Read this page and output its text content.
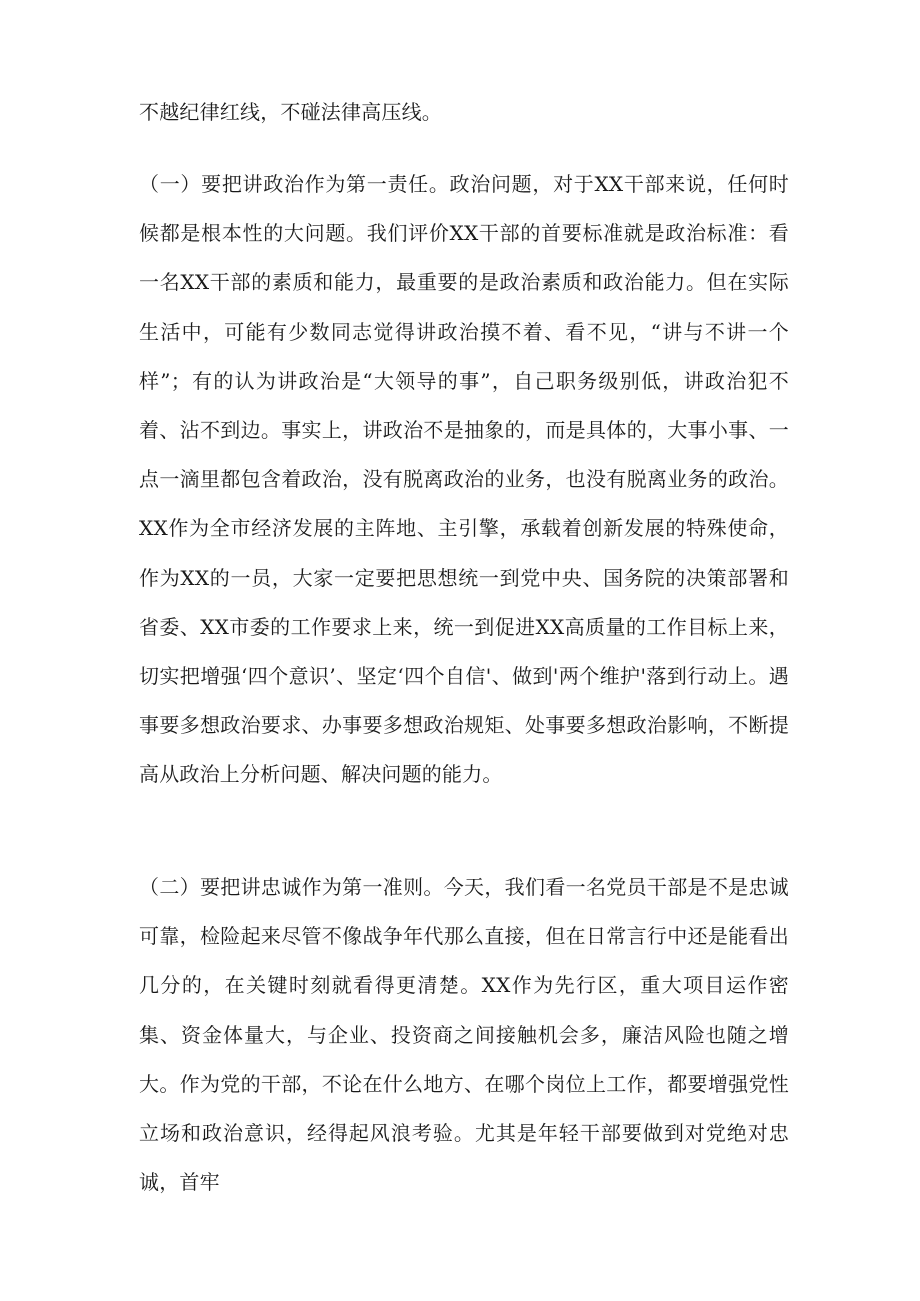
不越纪律红线，不碰法律高压线。

（一）要把讲政治作为第一责任。政治问题，对于XX干部来说，任何时候都是根本性的大问题。我们评价XX干部的首要标准就是政治标准：看一名XX干部的素质和能力，最重要的是政治素质和政治能力。但在实际生活中，可能有少数同志觉得讲政治摸不着、看不见，“讲与不讲一个样”；有的认为讲政治是“大领导的事”，自己职务级别低，讲政治犯不着、沾不到边。事实上，讲政治不是抽象的，而是具体的，大事小事、一点一滴里都包含着政治，没有脱离政治的业务，也没有脱离业务的政治。XX作为全市经济发展的主阵地、主引擎，承载着创新发展的特殊使命，作为XX的一员，大家一定要把思想统一到党中央、国务院的决策部署和省委、XX市委的工作要求上来，统一到促进XX高质量的工作目标上来，切实把增强‘四个意识’、坚定‘四个自信'、做到'两个维护'落到行动上。遇事要多想政治要求、办事要多想政治规矩、处事要多想政治影响，不断提高从政治上分析问题、解决问题的能力。

（二）要把讲忠诚作为第一准则。今天，我们看一名党员干部是不是忠诚可靠，检险起来尽管不像战争年代那么直接，但在日常言行中还是能看出几分的，在关键时刻就看得更清楚。XX作为先行区，重大项目运作密集、资金体量大，与企业、投资商之间接触机会多，廉洁风险也随之增大。作为党的干部，不论在什么地方、在哪个岗位上工作，都要增强党性立场和政治意识，经得起风浪考验。尤其是年轻干部要做到对党绝对忠诚，首牢
